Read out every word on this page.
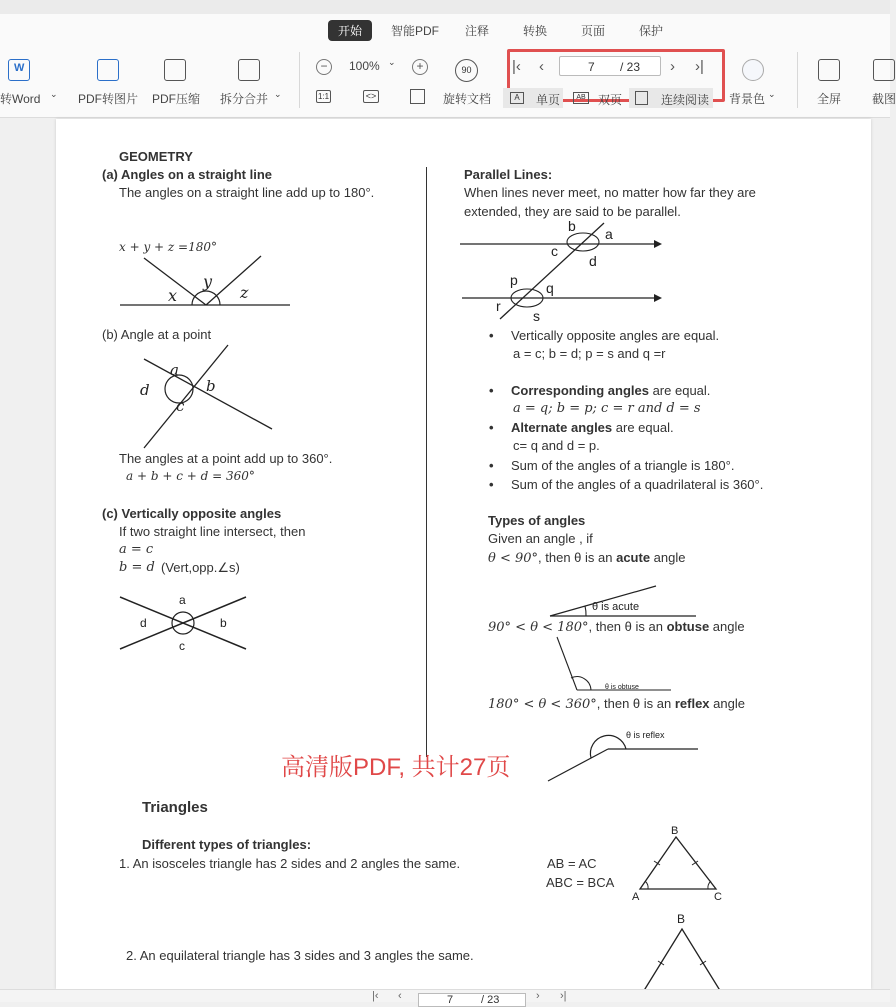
开始	智能PDF 注释	转换	页面	保护
W
转Word ⌄ PDF转图片 PDF压缩 拆分合并 ⌄
−	100% ⌄	+
1:1	<>
90
旋转文档
|‹ ‹	7 / 23 › ›|
A	单页	AB 双页	连续阅读 背景色 ⌄	全屏	截图
GEOMETRY
(a) Angles on a straight line
The angles on a straight line add up to 180°.
x + y + z =180°
x
y
z
(b) Angle at a point
a
b
c
d
The angles at a point add up to 360°.
a + b + c + d = 360°
(c) Vertically opposite angles
If two straight line intersect, then
a = c
b = d (Vert,opp.∠s)
a
b
c
d
Parallel Lines:
When lines never meet, no matter how far they are
extended, they are said to be parallel.
b a
c
d
p q
r
s
• Vertically opposite angles are equal.
a = c; b = d; p = s and q =r
• Corresponding angles are equal.
a = q; b = p; c = r and d = s
• Alternate angles are equal.
c= q and d = p.
• Sum of the angles of a triangle is 180°.
• Sum of the angles of a quadrilateral is 360°.
Types of angles
Given an angle , if
θ < 90°, then θ is an acute angle
θ is acute
90° < θ < 180°, then θ is an obtuse angle
θ is obtuse
180° < θ < 360°, then θ is an reflex angle
θ is reflex
高清版PDF, 共计27页
Triangles
Different types of triangles:
1. An isosceles triangle has 2 sides and 2 angles the same.	AB = AC
ABC = BCA
B
A	C
2. An equilateral triangle has 3 sides and 3 angles the same.
B
|‹ ‹	7	/ 23	› ›|
